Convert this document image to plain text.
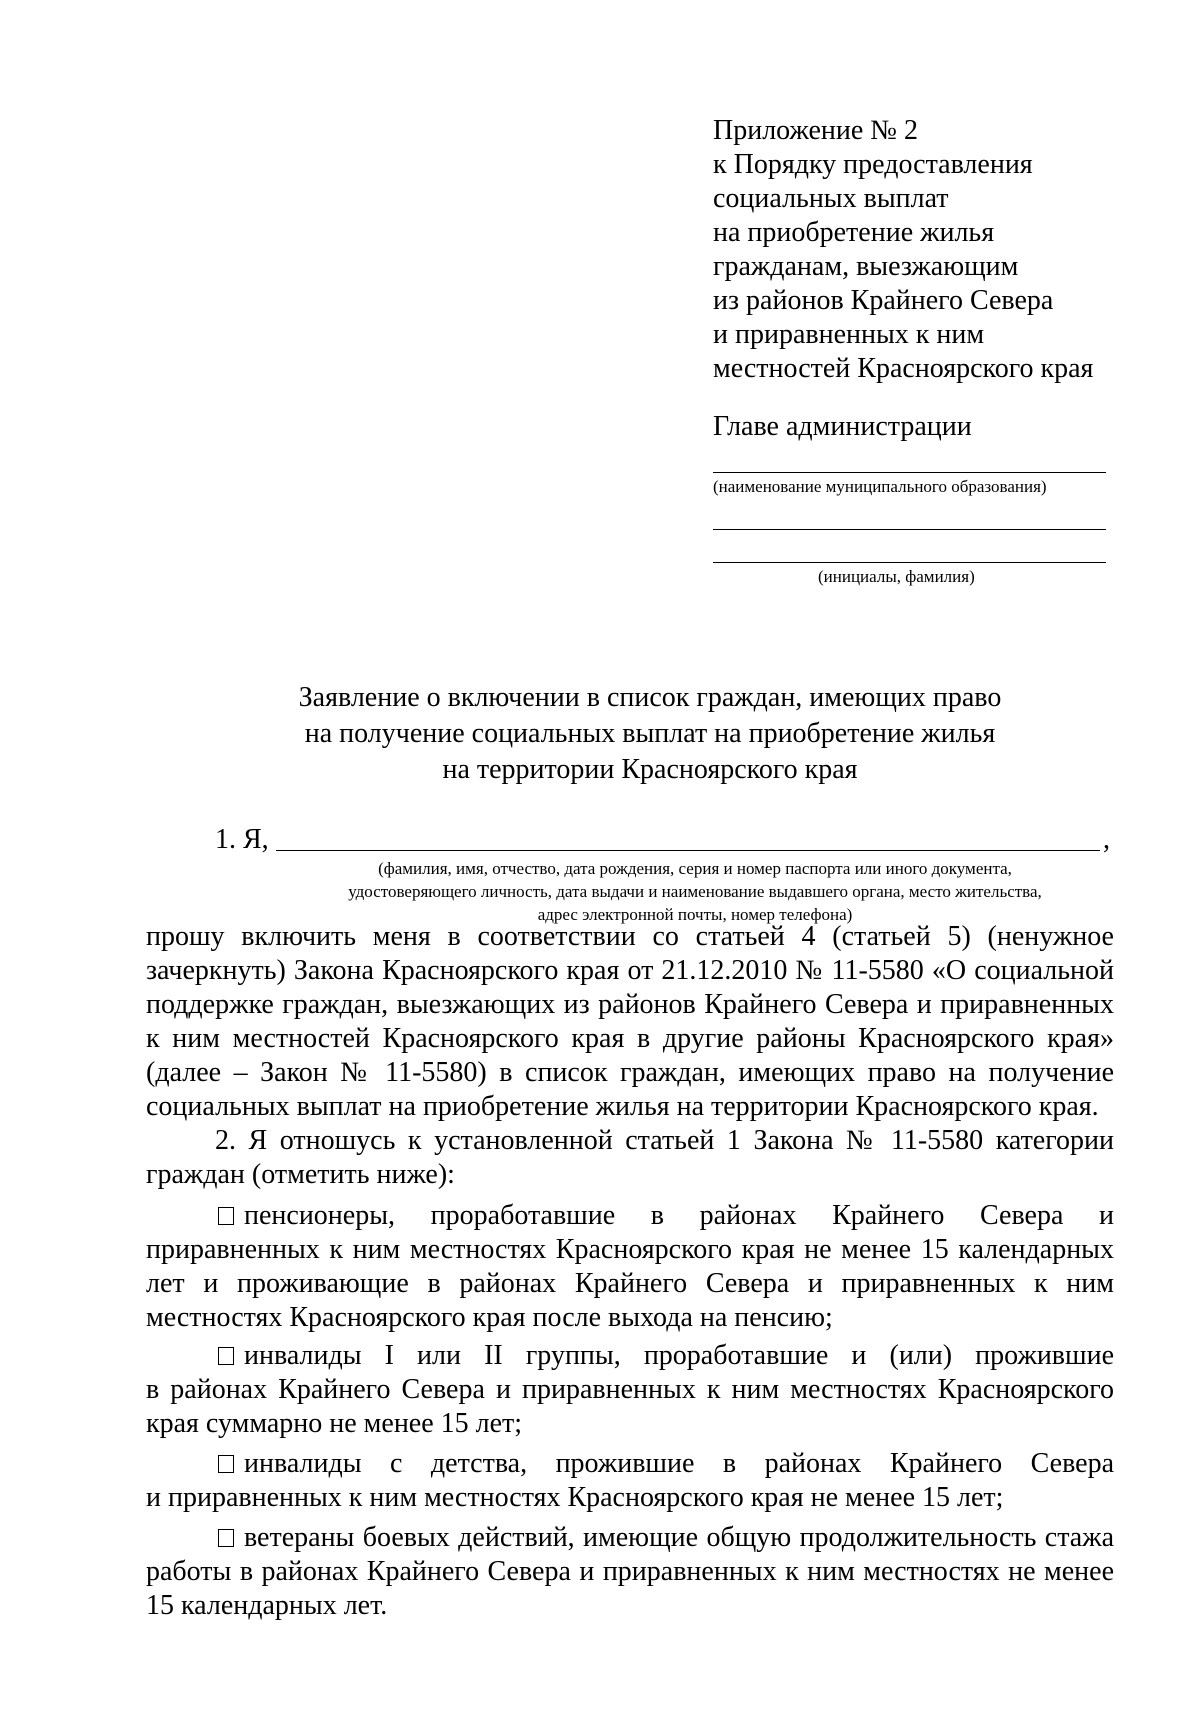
Приложение № 2
к Порядку предоставления
социальных выплат
на приобретение жилья
гражданам, выезжающим
из районов Крайнего Севера
и приравненных к ним
местностей Красноярского края
Главе администрации
(наименование муниципального образования)
(инициалы, фамилия)
Заявление о включении в список граждан, имеющих право
на получение социальных выплат на приобретение жилья
на территории Красноярского края
1. Я,	,
(фамилия, имя, отчество, дата рождения, серия и номер паспорта или иного документа,
удостоверяющего личность, дата выдачи и наименование выдавшего органа, место жительства,
адрес электронной почты, номер телефона)
прошу включить меня в соответствии со статьей 4 (статьей 5) (ненужное
зачеркнуть) Закона Красноярского края от 21.12.2010 № 11-5580 «О социальной
поддержке граждан, выезжающих из районов Крайнего Севера и приравненных
к ним местностей Красноярского края в другие районы Красноярского края»
(далее – Закон № 11-5580) в список граждан, имеющих право на получение
социальных выплат на приобретение жилья на территории Красноярского края.
2. Я отношусь к установленной статьей 1 Закона № 11-5580 категории
граждан (отметить ниже):
пенсионеры, проработавшие в районах Крайнего Севера и
приравненных к ним местностях Красноярского края не менее 15 календарных
лет и проживающие в районах Крайнего Севера и приравненных к ним
местностях Красноярского края после выхода на пенсию;
инвалиды I или II группы, проработавшие и (или) прожившие
в районах Крайнего Севера и приравненных к ним местностях Красноярского
края суммарно не менее 15 лет;
инвалиды с детства, прожившие в районах Крайнего Севера
и приравненных к ним местностях Красноярского края не менее 15 лет;
ветераны боевых действий, имеющие общую продолжительность стажа
работы в районах Крайнего Севера и приравненных к ним местностях не менее
15 календарных лет.
